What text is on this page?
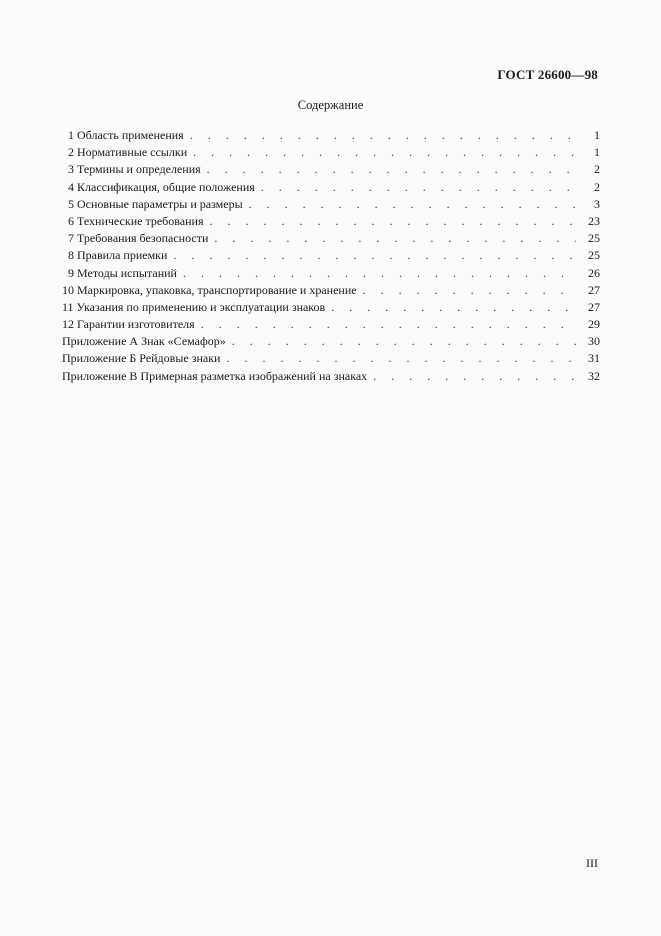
ГОСТ 26600—98
Содержание
1 Область применения . . .	1
2 Нормативные ссылки . . .	1
3 Термины и определения . . .	2
4 Классификация, общие положения . . .	2
5 Основные параметры и размеры . . .	3
6 Технические требования . . .	23
7 Требования безопасности . . .	25
8 Правила приемки . . .	25
9 Методы испытаний . . .	26
10 Маркировка, упаковка, транспортирование и хранение . . .	27
11 Указания по применению и эксплуатации знаков . . .	27
12 Гарантии изготовителя . . .	29
Приложение А Знак «Семафор» . . .	30
Приложение Б Рейдовые знаки . . .	31
Приложение В Примерная разметка изображений на знаках . . .	32
III
